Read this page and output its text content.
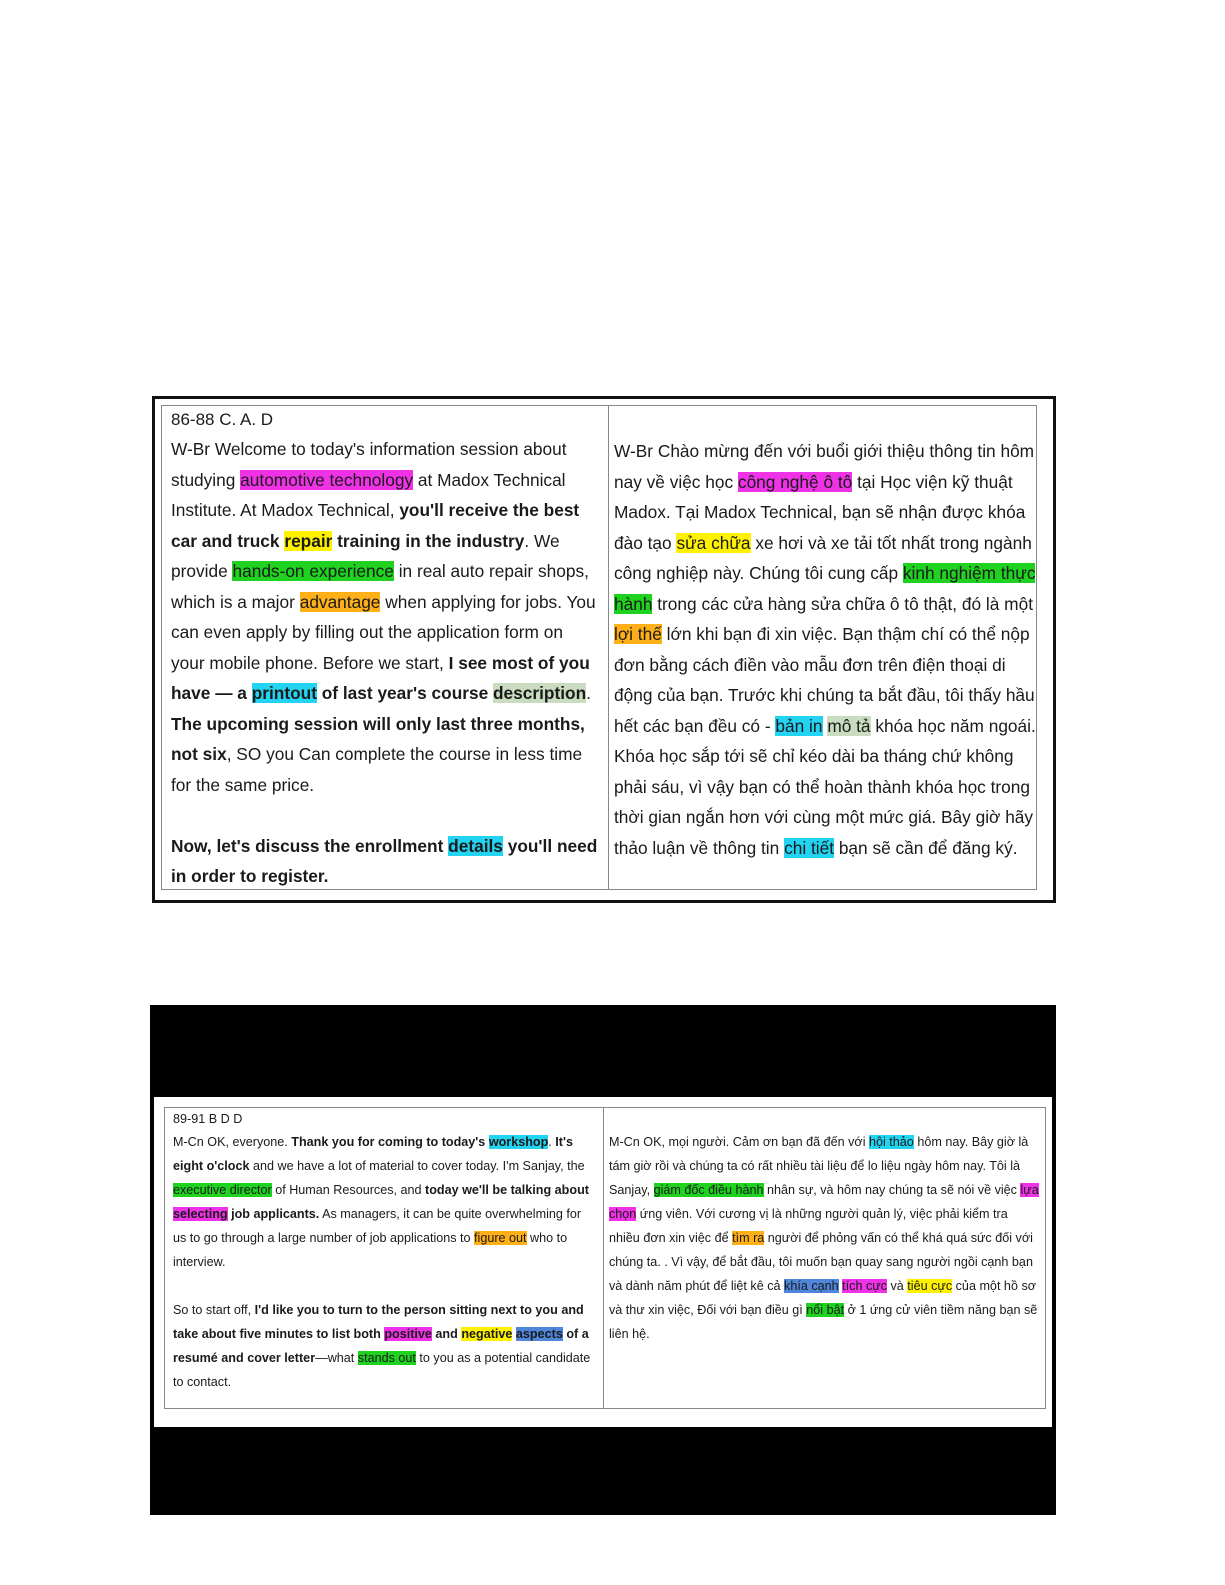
86-88 C. A. D
W-Br Welcome to today's information session about studying automotive technology at Madox Technical Institute. At Madox Technical, you'll receive the best car and truck repair training in the industry. We provide hands-on experience in real auto repair shops, which is a major advantage when applying for jobs. You can even apply by filling out the application form on your mobile phone. Before we start, I see most of you have — a printout of last year's course description. The upcoming session will only last three months, not six, SO you Can complete the course in less time for the same price.
Now, let's discuss the enrollment details you'll need in order to register.
W-Br Chào mừng đến với buổi giới thiệu thông tin hôm nay về việc học công nghệ ô tô tại Học viện kỹ thuật Madox. Tại Madox Technical, bạn sẽ nhận được khóa đào tạo sửa chữa xe hơi và xe tải tốt nhất trong ngành công nghiệp này. Chúng tôi cung cấp kinh nghiệm thực hành trong các cửa hàng sửa chữa ô tô thật, đó là một lợi thế lớn khi bạn đi xin việc. Bạn thậm chí có thể nộp đơn bằng cách điền vào mẫu đơn trên điện thoại di động của bạn. Trước khi chúng ta bắt đầu, tôi thấy hầu hết các bạn đều có - bản in mô tả khóa học năm ngoái. Khóa học sắp tới sẽ chỉ kéo dài ba tháng chứ không phải sáu, vì vậy bạn có thể hoàn thành khóa học trong thời gian ngắn hơn với cùng một mức giá. Bây giờ hãy thảo luận về thông tin chi tiết bạn sẽ cần để đăng ký.
89-91 B D D
M-Cn OK, everyone. Thank you for coming to today's workshop. It's eight o'clock and we have a lot of material to cover today. I'm Sanjay, the executive director of Human Resources, and today we'll be talking about selecting job applicants. As managers, it can be quite overwhelming for us to go through a large number of job applications to figure out who to interview.
So to start off, I'd like you to turn to the person sitting next to you and take about five minutes to list both positive and negative aspects of a resumé and cover letter—what stands out to you as a potential candidate to contact.
M-Cn OK, mọi người. Cảm ơn bạn đã đến với hội thảo hôm nay. Bây giờ là tám giờ rồi và chúng ta có rất nhiều tài liệu để lo liệu ngày hôm nay. Tôi là Sanjay, giám đốc điều hành nhân sự, và hôm nay chúng ta sẽ nói về việc lựa chọn ứng viên. Với cương vị là những người quản lý, việc phải kiểm tra nhiều đơn xin việc để tìm ra người để phỏng vấn có thể khá quá sức đối với chúng ta. . Vì vậy, để bắt đầu, tôi muốn bạn quay sang người ngồi cạnh bạn và dành năm phút để liệt kê cả khía cạnh tích cực và tiêu cực của một hồ sơ và thư xin việc, Đối với bạn điều gì nổi bật ở 1 ứng cử viên tiềm năng bạn sẽ liên hệ.
